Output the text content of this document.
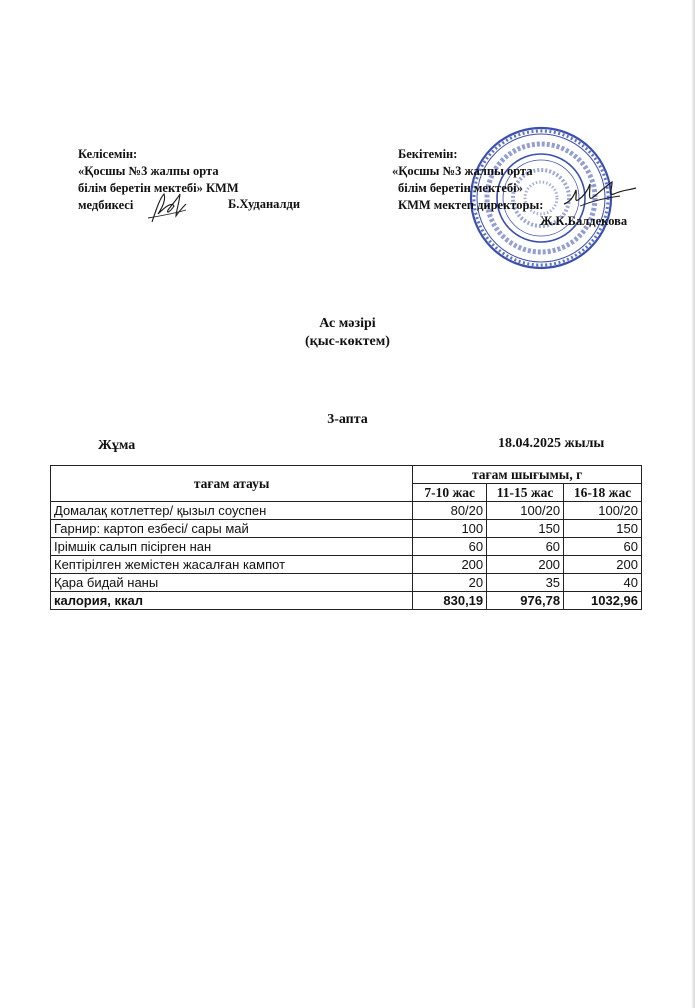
Келісемін:
«Қосшы №3 жалпы орта
білім беретін мектебі» КММ
медбикесі	Б.Худаналди
Бекітемін:
«Қосшы №3 жалпы орта
білім беретін мектебі»
КММ мектеп директоры:
Ж.К.Балдекова
Ас мәзірі
(қыс-көктем)
3-апта
Жұма	18.04.2025 жылы
тағам атауы	тағам шығымы, г		
	7-10 жас	11-15 жас	16-18 жас
Домалақ котлеттер/ қызыл соуспен	80/20	100/20	100/20
Гарнир: картоп езбесі/ сары май	100	150	150
Ірімшік салып пісірген нан	60	60	60
Кептірілген жемістен жасалған кампот	200	200	200
Қара бидай наны	20	35	40
калория, ккал	830,19	976,78	1032,96
